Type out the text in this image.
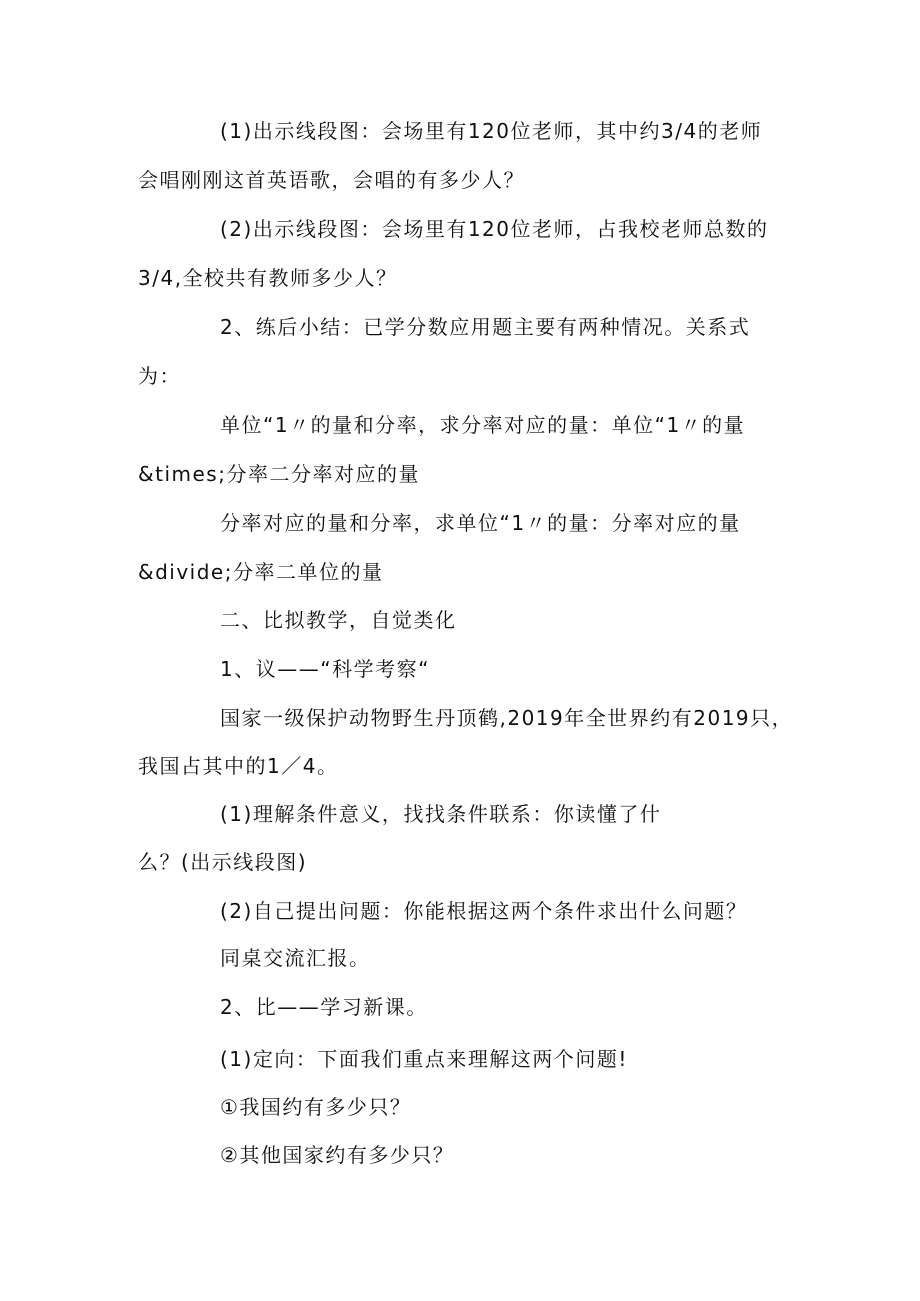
(1)出示线段图：会场里有120位老师，其中约3/4的老师
会唱刚刚这首英语歌，会唱的有多少人？
(2)出示线段图：会场里有120位老师，占我校老师总数的
3/4,全校共有教师多少人？
2、练后小结：已学分数应用题主要有两种情况。关系式
为：
单位“1〃的量和分率，求分率对应的量：单位“1〃的量
&times;分率二分率对应的量
分率对应的量和分率，求单位“1〃的量：分率对应的量
&divide;分率二单位的量
二、比拟教学，自觉类化
1、议——“科学考察“
国家一级保护动物野生丹顶鹤,2019年全世界约有2019只，
我国占其中的1／4。
(1)理解条件意义，找找条件联系：你读懂了什
么？(出示线段图)
(2)自己提出问题：你能根据这两个条件求出什么问题？
同桌交流汇报。
2、比——学习新课。
(1)定向：下面我们重点来理解这两个问题!
①我国约有多少只？
②其他国家约有多少只？
